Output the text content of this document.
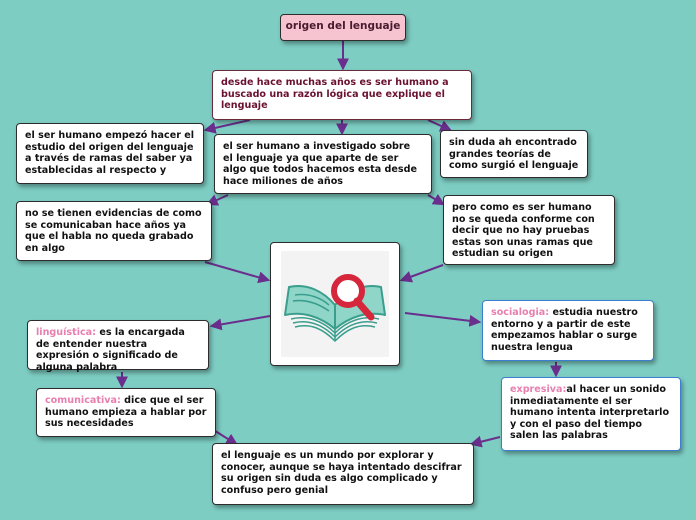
origen del lenguaje
desde hace muchas años es ser humano a buscado una razón lógica que explique el lenguaje
el ser humano empezó hacer el estudio del origen del lenguaje a través de ramas del saber ya establecidas al respecto y
el ser humano a investigado sobre el lenguaje ya que aparte de ser algo que todos hacemos esta desde hace miliones de años
sin duda ah encontrado grandes teorías de como surgió el lenguaje
no se tienen evidencias de como se comunicaban hace años ya que el habla no queda grabado en algo
pero como es ser humano no se queda conforme con decir que no hay pruebas estas son unas ramas que estudian su origen
linguística: es la encargada de entender nuestra expresión o significado de alguna palabra
socialogia: estudia nuestro entorno y a partir de este empezamos hablar o surge nuestra lengua
comunicativa: dice que el ser humano empieza a hablar por sus necesidades
expresiva:al hacer un sonido inmediatamente el ser humano intenta interpretarlo y con el paso del tiempo salen las palabras
el lenguaje es un mundo por explorar y conocer, aunque se haya intentado descifrar su origen sin duda es algo complicado y confuso pero genial
